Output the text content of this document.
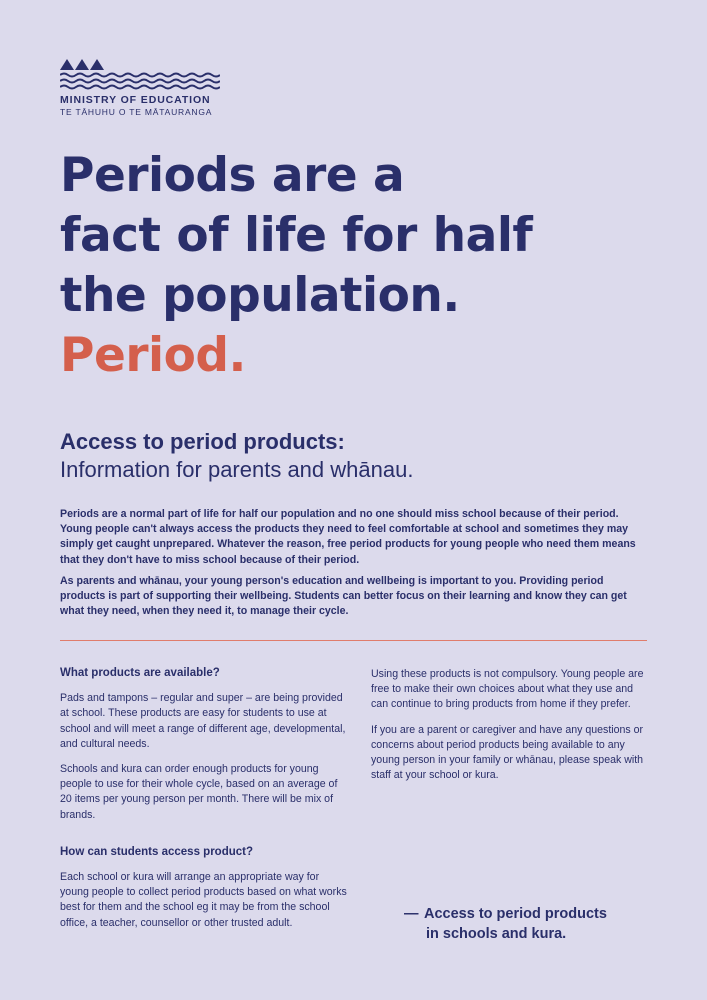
MINISTRY OF EDUCATION
TE TĀHUHU O TE MĀTAURANGA
Periods are a
fact of life for half
the population.
Period.
Access to period products:
Information for parents and whānau.

Periods are a normal part of life for half our population and no one should miss school because of their period. Young people can't always access the products they need to feel comfortable at school and sometimes they may simply get caught unprepared. Whatever the reason, free period products for young people who need them means that they don't have to miss school because of their period.

As parents and whānau, your young person's education and wellbeing is important to you. Providing period products is part of supporting their wellbeing. Students can better focus on their learning and know they can get what they need, when they need it, to manage their cycle.

What products are available?

Pads and tampons – regular and super – are being provided at school. These products are easy for students to use at school and will meet a range of different age, developmental, and cultural needs.

Schools and kura can order enough products for young people to use for their whole cycle, based on an average of 20 items per young person per month. There will be mix of brands.

How can students access product?

Each school or kura will arrange an appropriate way for young people to collect period products based on what works best for them and the school eg it may be from the school office, a teacher, counsellor or other trusted adult.

Using these products is not compulsory. Young people are free to make their own choices about what they use and can continue to bring products from home if they prefer.

If you are a parent or caregiver and have any questions or concerns about period products being available to any young person in your family or whānau, please speak with staff at your school or kura.

— Access to period products
in schools and kura.
